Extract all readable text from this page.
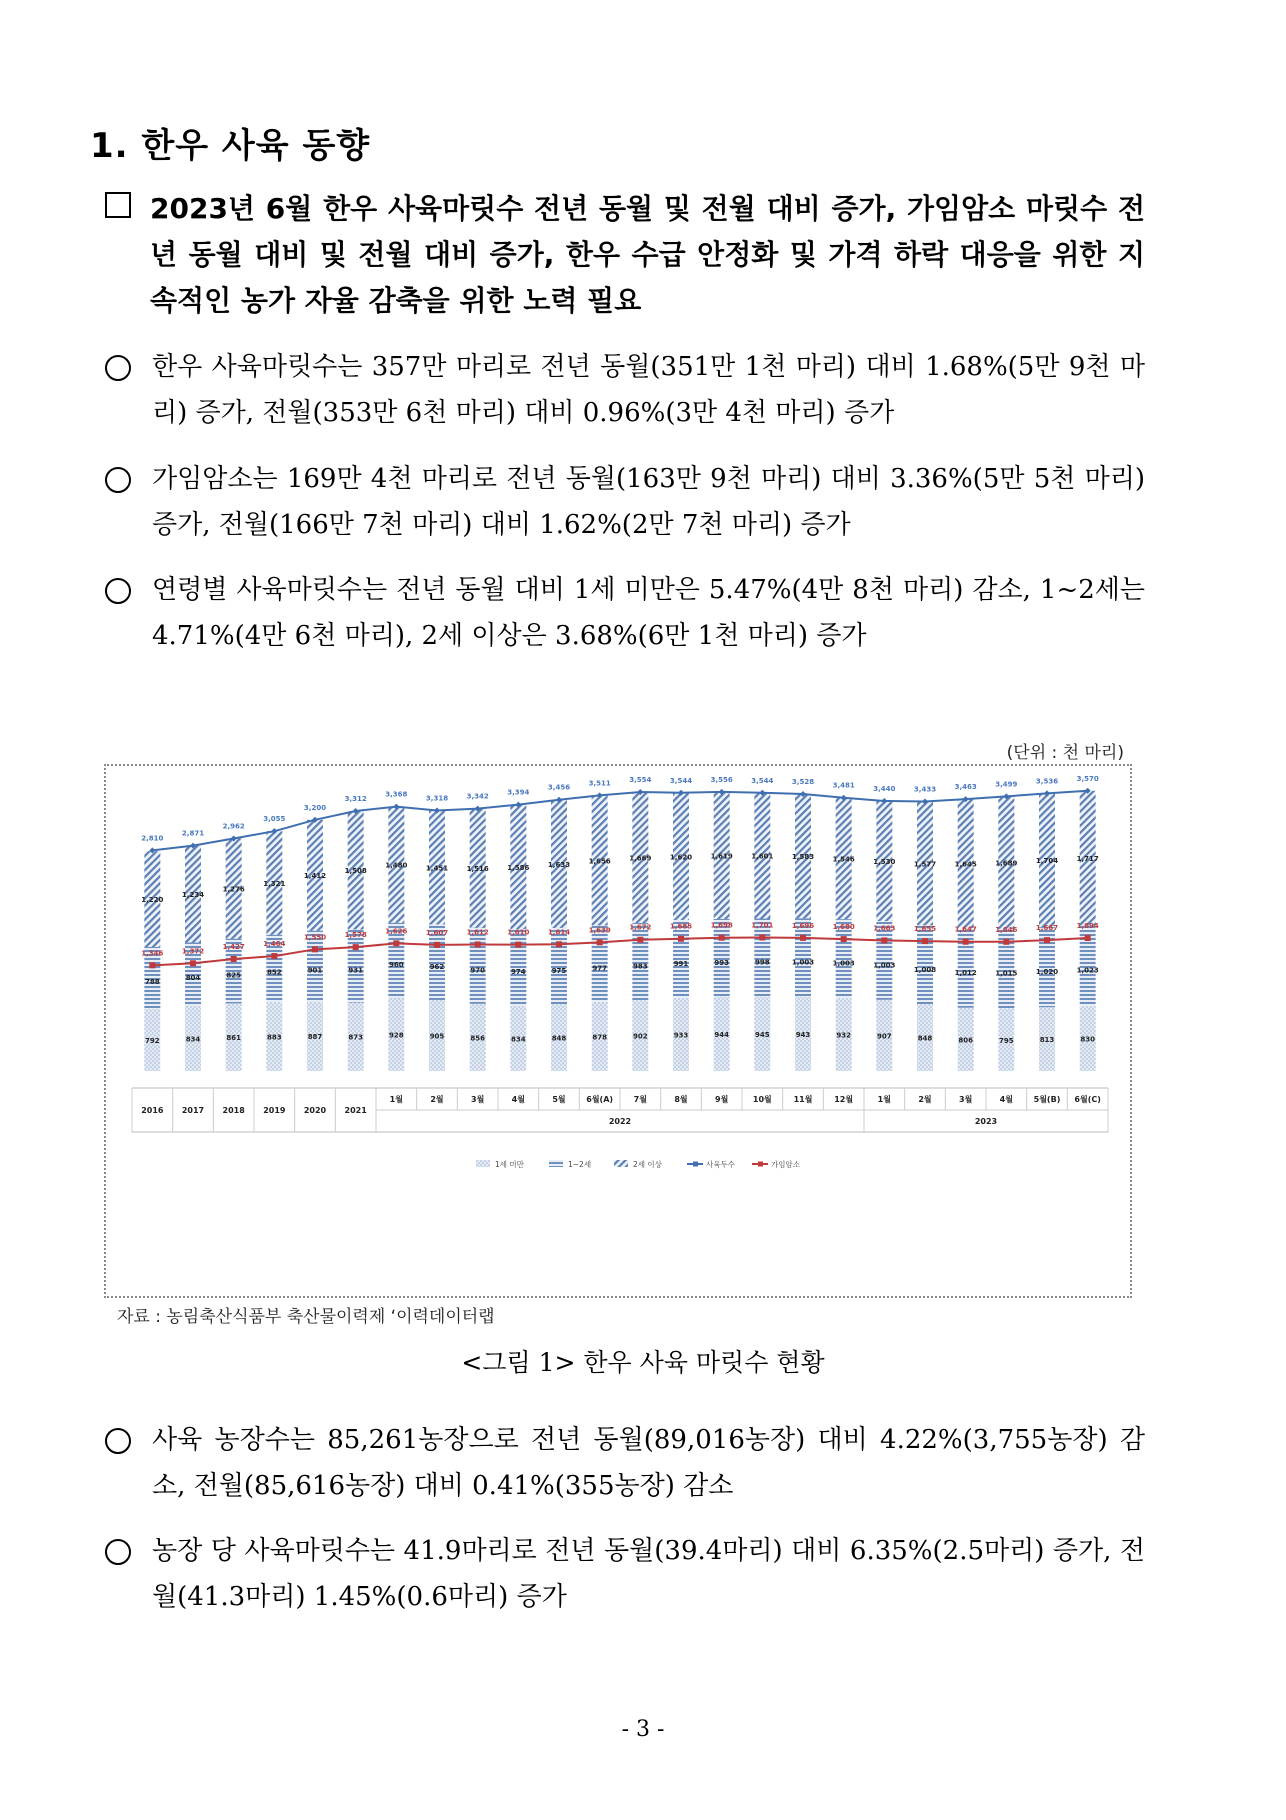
1. 한우 사육 동향
2023년 6월 한우 사육마릿수 전년 동월 및 전월 대비 증가, 가임암소 마릿수 전년 동월 대비 및 전월 대비 증가, 한우 수급 안정화 및 가격 하락 대응을 위한 지속적인 농가 자율 감축을 위한 노력 필요
한우 사육마릿수는 357만 마리로 전년 동월(351만 1천 마리) 대비 1.68%(5만 9천 마리) 증가, 전월(353만 6천 마리) 대비 0.96%(3만 4천 마리) 증가
가임암소는 169만 4천 마리로 전년 동월(163만 9천 마리) 대비 3.36%(5만 5천 마리) 증가, 전월(166만 7천 마리) 대비 1.62%(2만 7천 마리) 증가
연령별 사육마릿수는 전년 동월 대비 1세 미만은 5.47%(4만 8천 마리) 감소, 1~2세는 4.71%(4만 6천 마리), 2세 이상은 3.68%(6만 1천 마리) 증가
(단위 : 천 마리)
792
788
1,220
834
804
1,234
861
825
1,276
883
852
1,321
887
901
1,412
873
931
1,508
928
960
1,480
905
962
1,451
856
970
1,516
834
974
1,586
848
975
1,633
878
977
1,656
902
983
1,669
933
991
1,620
944
993
1,619
945
998
1,601
943
1,003
1,583
932
1,003
1,546
907
1,003
1,530
848
1,008
1,577
806
1,012
1,645
795
1,015
1,689
813
1,020
1,704
830
1,023
1,717
2,810
2,871
2,962
3,055
3,200
3,312
3,368	3,318	3,342
3,394
3,456
3,511	3,554	3,544	3,556	3,544	3,528	3,481	3,440	3,433	3,463	3,499	3,536	3,570
1,346	1,372
1,427	1,464
1,550	1,578	1,626	1,607	1,612	1,610	1,614	1,639	1,672	1,685	1,698	1,701	1,696	1,680	1,663	1,655	1,647	1,646	1,667	1,694
2016 2017 2018 2019 2020 2021
1월	2월	3월	4월	5월	6월(A)	7월	8월	9월	10월	11월	12월	1월	2월	3월	4월	5월(B) 6월(C)
2022	2023
1세 미만	1~2세	2세 이상	사육두수	가임암소
자료 : 농림축산식품부 축산물이력제 ‘이력데이터랩
<그림 1> 한우 사육 마릿수 현황
사육 농장수는 85,261농장으로 전년 동월(89,016농장) 대비 4.22%(3,755농장) 감소, 전월(85,616농장) 대비 0.41%(355농장) 감소
농장 당 사육마릿수는 41.9마리로 전년 동월(39.4마리) 대비 6.35%(2.5마리) 증가, 전월(41.3마리) 1.45%(0.6마리) 증가
- 3 -
